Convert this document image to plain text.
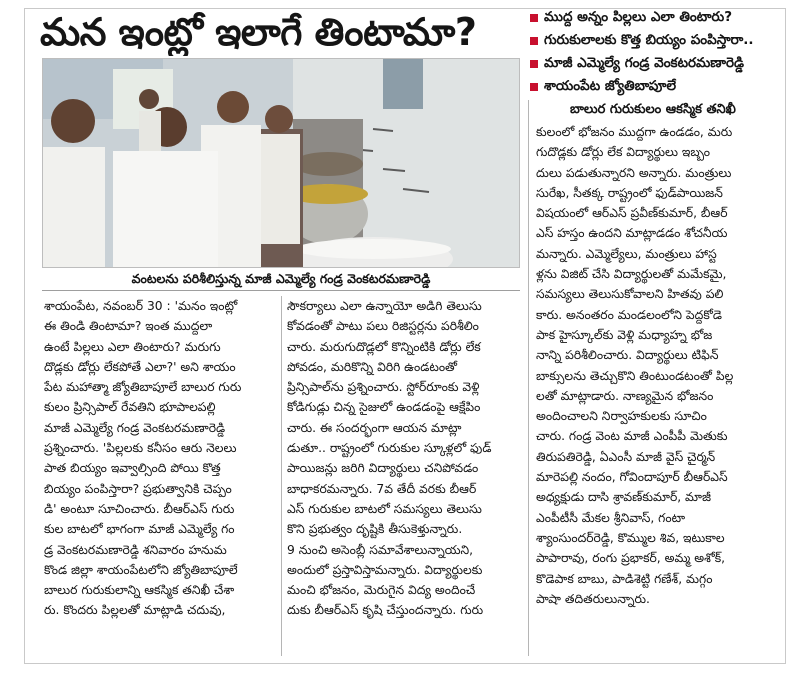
మన ఇంట్లో ఇలాగే తింటామా?	ముద్ద అన్నం పిల్లలు ఎలా తింటారు?
గురుకులాలకు కొత్త బియ్యం పంపిస్తారా..
మాజీ ఎమ్మెల్యే గండ్ర వెంకటరమణారెడ్డి
శాయంపేట జ్యోతిబాపూలే
బాలుర గురుకులం ఆకస్మిక తనిఖీ
వంటలను పరిశీలిస్తున్న మాజీ ఎమ్మెల్యే గండ్ర వెంకటరమణారెడ్డి
శాయంపేట, నవంబర్ 30 : 'మనం ఇంట్లో
ఈ తిండి తింటామా? ఇంత ముద్దలా
ఉంటే పిల్లలు ఎలా తింటారు? మరుగు
దొడ్లకు డోర్లు లేకపోతే ఎలా?' అని శాయం
పేట మహాత్మా జ్యోతిబాపూలే బాలుర గురు
కులం ప్రిన్సిపాల్ రేవతిని భూపాలపల్లి
మాజీ ఎమ్మెల్యే గండ్ర వెంకటరమణారెడ్డి
ప్రశ్నించారు. 'పిల్లలకు కనీసం ఆరు నెలలు
పాత బియ్యం ఇవ్వాల్సింది పోయి కొత్త
బియ్యం పంపిస్తారా? ప్రభుత్వానికి చెప్పం
డి' అంటూ సూచించారు. బీఆర్ఎస్ గురు
కుల బాటలో భాగంగా మాజీ ఎమ్మెల్యే గం
డ్ర వెంకటరమణారెడ్డి శనివారం హనుమ
కొండ జిల్లా శాయంపేటలోని జ్యోతిబాపూలే
బాలుర గురుకులాన్ని ఆకస్మిక తనిఖీ చేశా
రు. కొందరు పిల్లలతో మాట్లాడి చదువు,
సౌకర్యాలు ఎలా ఉన్నాయో అడిగి తెలుసు
కోవడంతో పాటు పలు రిజిస్టర్లను పరిశీలిం
చారు. మరుగుదొడ్లలో కొన్నింటికి డోర్లు లేక
పోవడం, మరికొన్ని విరిగి ఉండటంతో
ప్రిన్సిపాల్‌ను ప్రశ్నించారు. స్టోర్‌రూంకు వెళ్లి
కోడిగుడ్లు చిన్న సైజులో ఉండడంపై ఆక్షేపిం
చారు. ఈ సందర్భంగా ఆయన మాట్లా
డుతూ.. రాష్ట్రంలో గురుకుల స్కూళ్లలో ఫుడ్
పాయిజన్లు జరిగి విద్యార్థులు చనిపోవడం
బాధాకరమన్నారు. 7వ తేదీ వరకు బీఆర్
ఎస్ గురుకుల బాటలో సమస్యలు తెలుసు
కొని ప్రభుత్వం దృష్టికి తీసుకెళ్తున్నారు.
9 నుంచి అసెంబ్లీ సమావేశాలున్నాయని,
అందులో ప్రస్తావిస్తామన్నారు. విద్యార్థులకు
మంచి భోజనం, మెరుగైన విద్య అందించే
దుకు బీఆర్ఎస్ కృషి చేస్తుందన్నారు. గురు
కులంలో భోజనం ముద్దగా ఉండడం, మరు
గుదొడ్లకు డోర్లు లేక విద్యార్థులు ఇబ్బం
దులు పడుతున్నారని అన్నారు. మంత్రులు
సురేఖ, సీతక్క రాష్ట్రంలో ఫుడ్‌పాయిజన్
విషయంలో ఆర్ఎస్ ప్రవీణ్‌కుమార్, బీఆర్
ఎస్ హస్తం ఉందని మాట్లాడడం శోచనీయ
మన్నారు. ఎమ్మెల్యేలు, మంత్రులు హాస్ట
ళ్లను విజిట్ చేసి విద్యార్థులతో మమేకమై,
సమస్యలు తెలుసుకోవాలని హితవు పలి
కారు. అనంతరం మండలంలోని పెద్దకోడె
పాక హైస్కూల్‌కు వెళ్లి మధ్యాహ్న భోజ
నాన్ని పరిశీలించారు. విద్యార్థులు టిఫిన్
బాక్సులను తెచ్చుకొని తింటుండటంతో పిల్ల
లతో మాట్లాడారు. నాణ్యమైన భోజనం
అందించాలని నిర్వాహకులకు సూచిం
చారు. గండ్ర వెంట మాజీ ఎంపీపీ మెతుకు
తిరుపతిరెడ్డి, ఏఎంసీ మాజీ వైస్ చైర్మన్
మారెపల్లి నందం, గోవిందాపూర్ బీఆర్ఎస్
అధ్యక్షుడు దాసి శ్రావణ్‌కుమార్, మాజీ
ఎంపీటీసీ మేకల శ్రీనివాస్, గంటా
శ్యాంసుందర్‌రెడ్డి, కొమ్ముల శివ, ఇటుకాల
పాపారావు, రంగు ప్రభాకర్, అమ్మ అశోక్,
కొడెపాక బాబు, పాడిశెట్టి గణేశ్, మగ్గం
పాషా తదితరులున్నారు.
